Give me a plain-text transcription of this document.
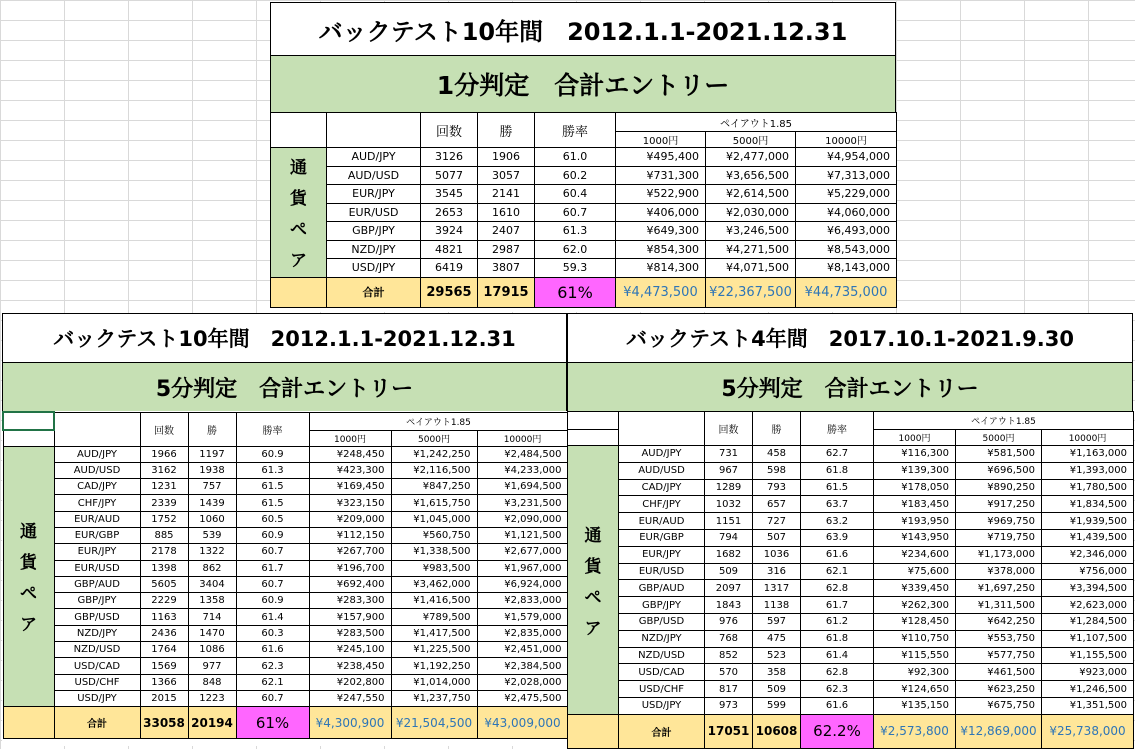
バックテスト10年間　2012.1.1-2021.12.31
1分判定　合計エントリー
		回数	勝	勝率	ペイアウト1.85		
					1000円	5000円	10000円

通
貨
ペ
ア	AUD/JPY	3126	1906	61.0	¥495,400	¥2,477,000	¥4,954,000
	AUD/USD	5077	3057	60.2	¥731,300	¥3,656,500	¥7,313,000
	EUR/JPY	3545	2141	60.4	¥522,900	¥2,614,500	¥5,229,000
	EUR/USD	2653	1610	60.7	¥406,000	¥2,030,000	¥4,060,000
	GBP/JPY	3924	2407	61.3	¥649,300	¥3,246,500	¥6,493,000
	NZD/JPY	4821	2987	62.0	¥854,300	¥4,271,500	¥8,543,000
	USD/JPY	6419	3807	59.3	¥814,300	¥4,071,500	¥8,143,000
	合計	29565	17915	61%	¥4,473,500	¥22,367,500	¥44,735,000
バックテスト10年間　2012.1.1-2021.12.31
5分判定　合計エントリー
		回数	勝	勝率	ペイアウト1.85		
					1000円	5000円	10000円

通
貨
ペ
ア	AUD/JPY	1966	1197	60.9	¥248,450	¥1,242,250	¥2,484,500
	AUD/USD	3162	1938	61.3	¥423,300	¥2,116,500	¥4,233,000
	CAD/JPY	1231	757	61.5	¥169,450	¥847,250	¥1,694,500
	CHF/JPY	2339	1439	61.5	¥323,150	¥1,615,750	¥3,231,500
	EUR/AUD	1752	1060	60.5	¥209,000	¥1,045,000	¥2,090,000
	EUR/GBP	885	539	60.9	¥112,150	¥560,750	¥1,121,500
	EUR/JPY	2178	1322	60.7	¥267,700	¥1,338,500	¥2,677,000
	EUR/USD	1398	862	61.7	¥196,700	¥983,500	¥1,967,000
	GBP/AUD	5605	3404	60.7	¥692,400	¥3,462,000	¥6,924,000
	GBP/JPY	2229	1358	60.9	¥283,300	¥1,416,500	¥2,833,000
	GBP/USD	1163	714	61.4	¥157,900	¥789,500	¥1,579,000
	NZD/JPY	2436	1470	60.3	¥283,500	¥1,417,500	¥2,835,000
	NZD/USD	1764	1086	61.6	¥245,100	¥1,225,500	¥2,451,000
	USD/CAD	1569	977	62.3	¥238,450	¥1,192,250	¥2,384,500
	USD/CHF	1366	848	62.1	¥202,800	¥1,014,000	¥2,028,000
	USD/JPY	2015	1223	60.7	¥247,550	¥1,237,750	¥2,475,500
	合計	33058	20194	61%	¥4,300,900	¥21,504,500	¥43,009,000
バックテスト4年間　2017.10.1-2021.9.30
5分判定　合計エントリー
		回数	勝	勝率	ペイアウト1.85		
					1000円	5000円	10000円

通
貨
ペ
ア	AUD/JPY	731	458	62.7	¥116,300	¥581,500	¥1,163,000
	AUD/USD	967	598	61.8	¥139,300	¥696,500	¥1,393,000
	CAD/JPY	1289	793	61.5	¥178,050	¥890,250	¥1,780,500
	CHF/JPY	1032	657	63.7	¥183,450	¥917,250	¥1,834,500
	EUR/AUD	1151	727	63.2	¥193,950	¥969,750	¥1,939,500
	EUR/GBP	794	507	63.9	¥143,950	¥719,750	¥1,439,500
	EUR/JPY	1682	1036	61.6	¥234,600	¥1,173,000	¥2,346,000
	EUR/USD	509	316	62.1	¥75,600	¥378,000	¥756,000
	GBP/AUD	2097	1317	62.8	¥339,450	¥1,697,250	¥3,394,500
	GBP/JPY	1843	1138	61.7	¥262,300	¥1,311,500	¥2,623,000
	GBP/USD	976	597	61.2	¥128,450	¥642,250	¥1,284,500
	NZD/JPY	768	475	61.8	¥110,750	¥553,750	¥1,107,500
	NZD/USD	852	523	61.4	¥115,550	¥577,750	¥1,155,500
	USD/CAD	570	358	62.8	¥92,300	¥461,500	¥923,000
	USD/CHF	817	509	62.3	¥124,650	¥623,250	¥1,246,500
	USD/JPY	973	599	61.6	¥135,150	¥675,750	¥1,351,500
	合計	17051	10608	62.2%	¥2,573,800	¥12,869,000	¥25,738,000
